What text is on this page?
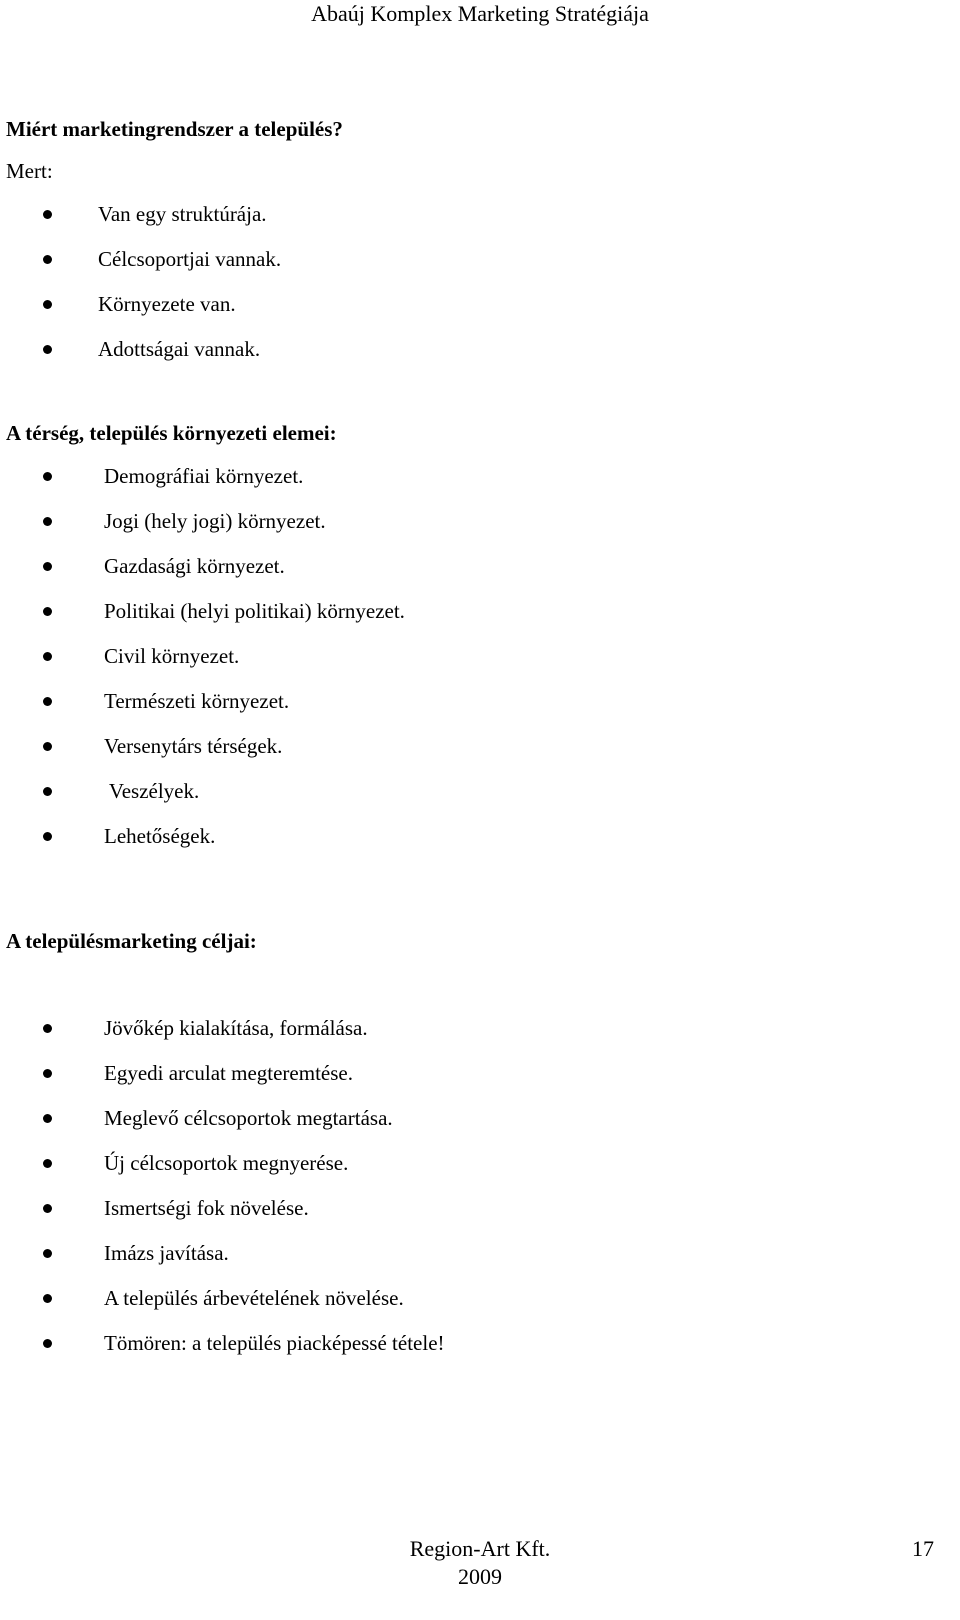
Abaúj Komplex Marketing Stratégiája
Miért marketingrendszer a település?
Mert:
Van egy struktúrája.
Célcsoportjai vannak.
Környezete van.
Adottságai vannak.
A térség, település környezeti elemei:
Demográfiai környezet.
Jogi (hely jogi) környezet.
Gazdasági környezet.
Politikai (helyi politikai) környezet.
Civil környezet.
Természeti környezet.
Versenytárs térségek.
Veszélyek.
Lehetőségek.
A településmarketing céljai:
Jövőkép kialakítása, formálása.
Egyedi arculat megteremtése.
Meglevő célcsoportok megtartása.
Új célcsoportok megnyerése.
Ismertségi fok növelése.
Imázs javítása.
A település árbevételének növelése.
Tömören: a település piacképessé tétele!
Region-Art Kft.
2009
17
